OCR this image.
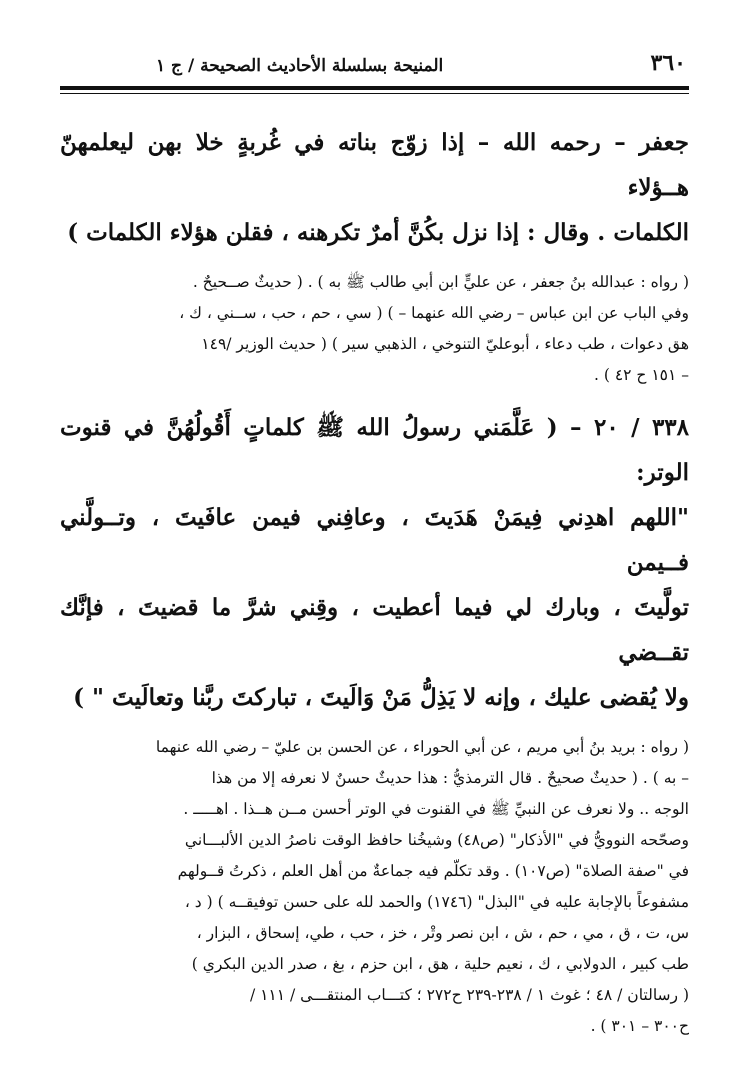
٣٦٠
المنيحة بسلسلة الأحاديث الصحيحة / ج ١

جعفر – رحمه الله – إذا زوّج بناته في غُربةٍ خلا بهن ليعلمهنّ هــؤلاء
الكلمات . وقال : إذا نزل بكُنَّ أمرٌ تكرهنه ، فقلن هؤلاء الكلمات )

( رواه : عبدالله بنُ جعفر ، عن عليٍّ ابن أبي طالب ﷺ به ) . ( حديثٌ صــحيحٌ .
وفي الباب عن ابن عباس – رضي الله عنهما – ) ( سي ، حم ، حب ، ســني ، ك ،
هق دعوات ، طب دعاء ، أبوعليّ التنوخي ، الذهبي سير ) ( حديث الوزير /١٤٩
– ١٥١ ح ٤٢ ) .

٣٣٨ / ٢٠ – ( عَلَّمَني رسولُ الله ﷺ كلماتٍ أَقُولُهُنَّ في قنوت الوتر:
"اللهم اهدِني فِيمَنْ هَدَيتَ ، وعافِني فيمن عافَيتَ ، وتــولَّني فــيمن
تولَّيتَ ، وبارك لي فيما أعطيت ، وقِني شرَّ ما قضيتَ ، فإنَّك تقــضي
ولا يُقضى عليك ، وإنه لا يَذِلُّ مَنْ وَالَيتَ ، تباركتَ ربَّنا وتعالَيتَ " )

( رواه : بريد بنُ أبي مريم ، عن أبي الحوراء ، عن الحسن بن عليّ – رضي الله عنهما
– به ) . ( حديثٌ صحيحٌ . قال الترمذيُّ : هذا حديثٌ حسنٌ لا نعرفه إلا من هذا
الوجه .. ولا نعرف عن النبيِّ ﷺ في القنوت في الوتر أحسن مــن هــذا . اهـــــ .
وصحّحه النوويُّ في "الأذكار" (ص٤٨) وشيخُنا حافظ الوقت ناصرُ الدين الألبـــاني
في "صفة الصلاة" (ص١٠٧) . وقد تكلّم فيه جماعةٌ من أهل العلم ، ذكرتُ قــولهم
مشفوعاً بالإجابة عليه في "البذل" (١٧٤٦) والحمد لله على حسن توفيقــه ) ( د ،
س، ت ، ق ، مي ، حم ، ش ، ابن نصر وتْر ، خز ، حب ، طي، إسحاق ، البزار ،
طب كبير ، الدولابي ، ك ، نعيم حلية ، هق ، ابن حزم ، بغ ، صدر الدين البكري )
( رسالتان / ٤٨ ؛ غوث ١ / ٢٣٨-٢٣٩ ح٢٧٢ ؛ كتـــاب المنتقـــى / ١١١ /
ح٣٠٠ – ٣٠١ ) .
